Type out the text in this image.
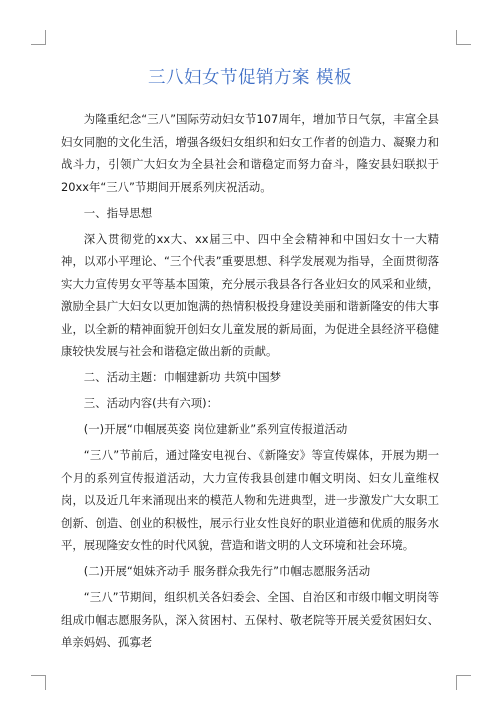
三八妇女节促销方案 模板

为隆重纪念“三八”国际劳动妇女节107周年，增加节日气氛，丰富全县妇女同胞的文化生活，增强各级妇女组织和妇女工作者的创造力、凝聚力和战斗力，引领广大妇女为全县社会和谐稳定而努力奋斗，隆安县妇联拟于20xx年“三八”节期间开展系列庆祝活动。

一、指导思想

深入贯彻党的xx大、xx届三中、四中全会精神和中国妇女十一大精神，以邓小平理论、“三个代表”重要思想、科学发展观为指导，全面贯彻落实大力宣传男女平等基本国策，充分展示我县各行各业妇女的风采和业绩，激励全县广大妇女以更加饱满的热情积极投身建设美丽和谐新隆安的伟大事业，以全新的精神面貌开创妇女儿童发展的新局面，为促进全县经济平稳健康较快发展与社会和谐稳定做出新的贡献。

二、活动主题：巾帼建新功 共筑中国梦

三、活动内容(共有六项)：

(一)开展“巾帼展英姿 岗位建新业”系列宣传报道活动

“三八”节前后，通过隆安电视台、《新隆安》等宣传媒体，开展为期一个月的系列宣传报道活动，大力宣传我县创建巾帼文明岗、妇女儿童维权岗，以及近几年来涌现出来的模范人物和先进典型，进一步激发广大女职工创新、创造、创业的积极性，展示行业女性良好的职业道德和优质的服务水平，展现隆安女性的时代风貌，营造和谐文明的人文环境和社会环境。

(二)开展“姐妹齐动手 服务群众我先行”巾帼志愿服务活动

“三八”节期间，组织机关各妇委会、全国、自治区和市级巾帼文明岗等组成巾帼志愿服务队，深入贫困村、五保村、敬老院等开展关爱贫困妇女、单亲妈妈、孤寡老
